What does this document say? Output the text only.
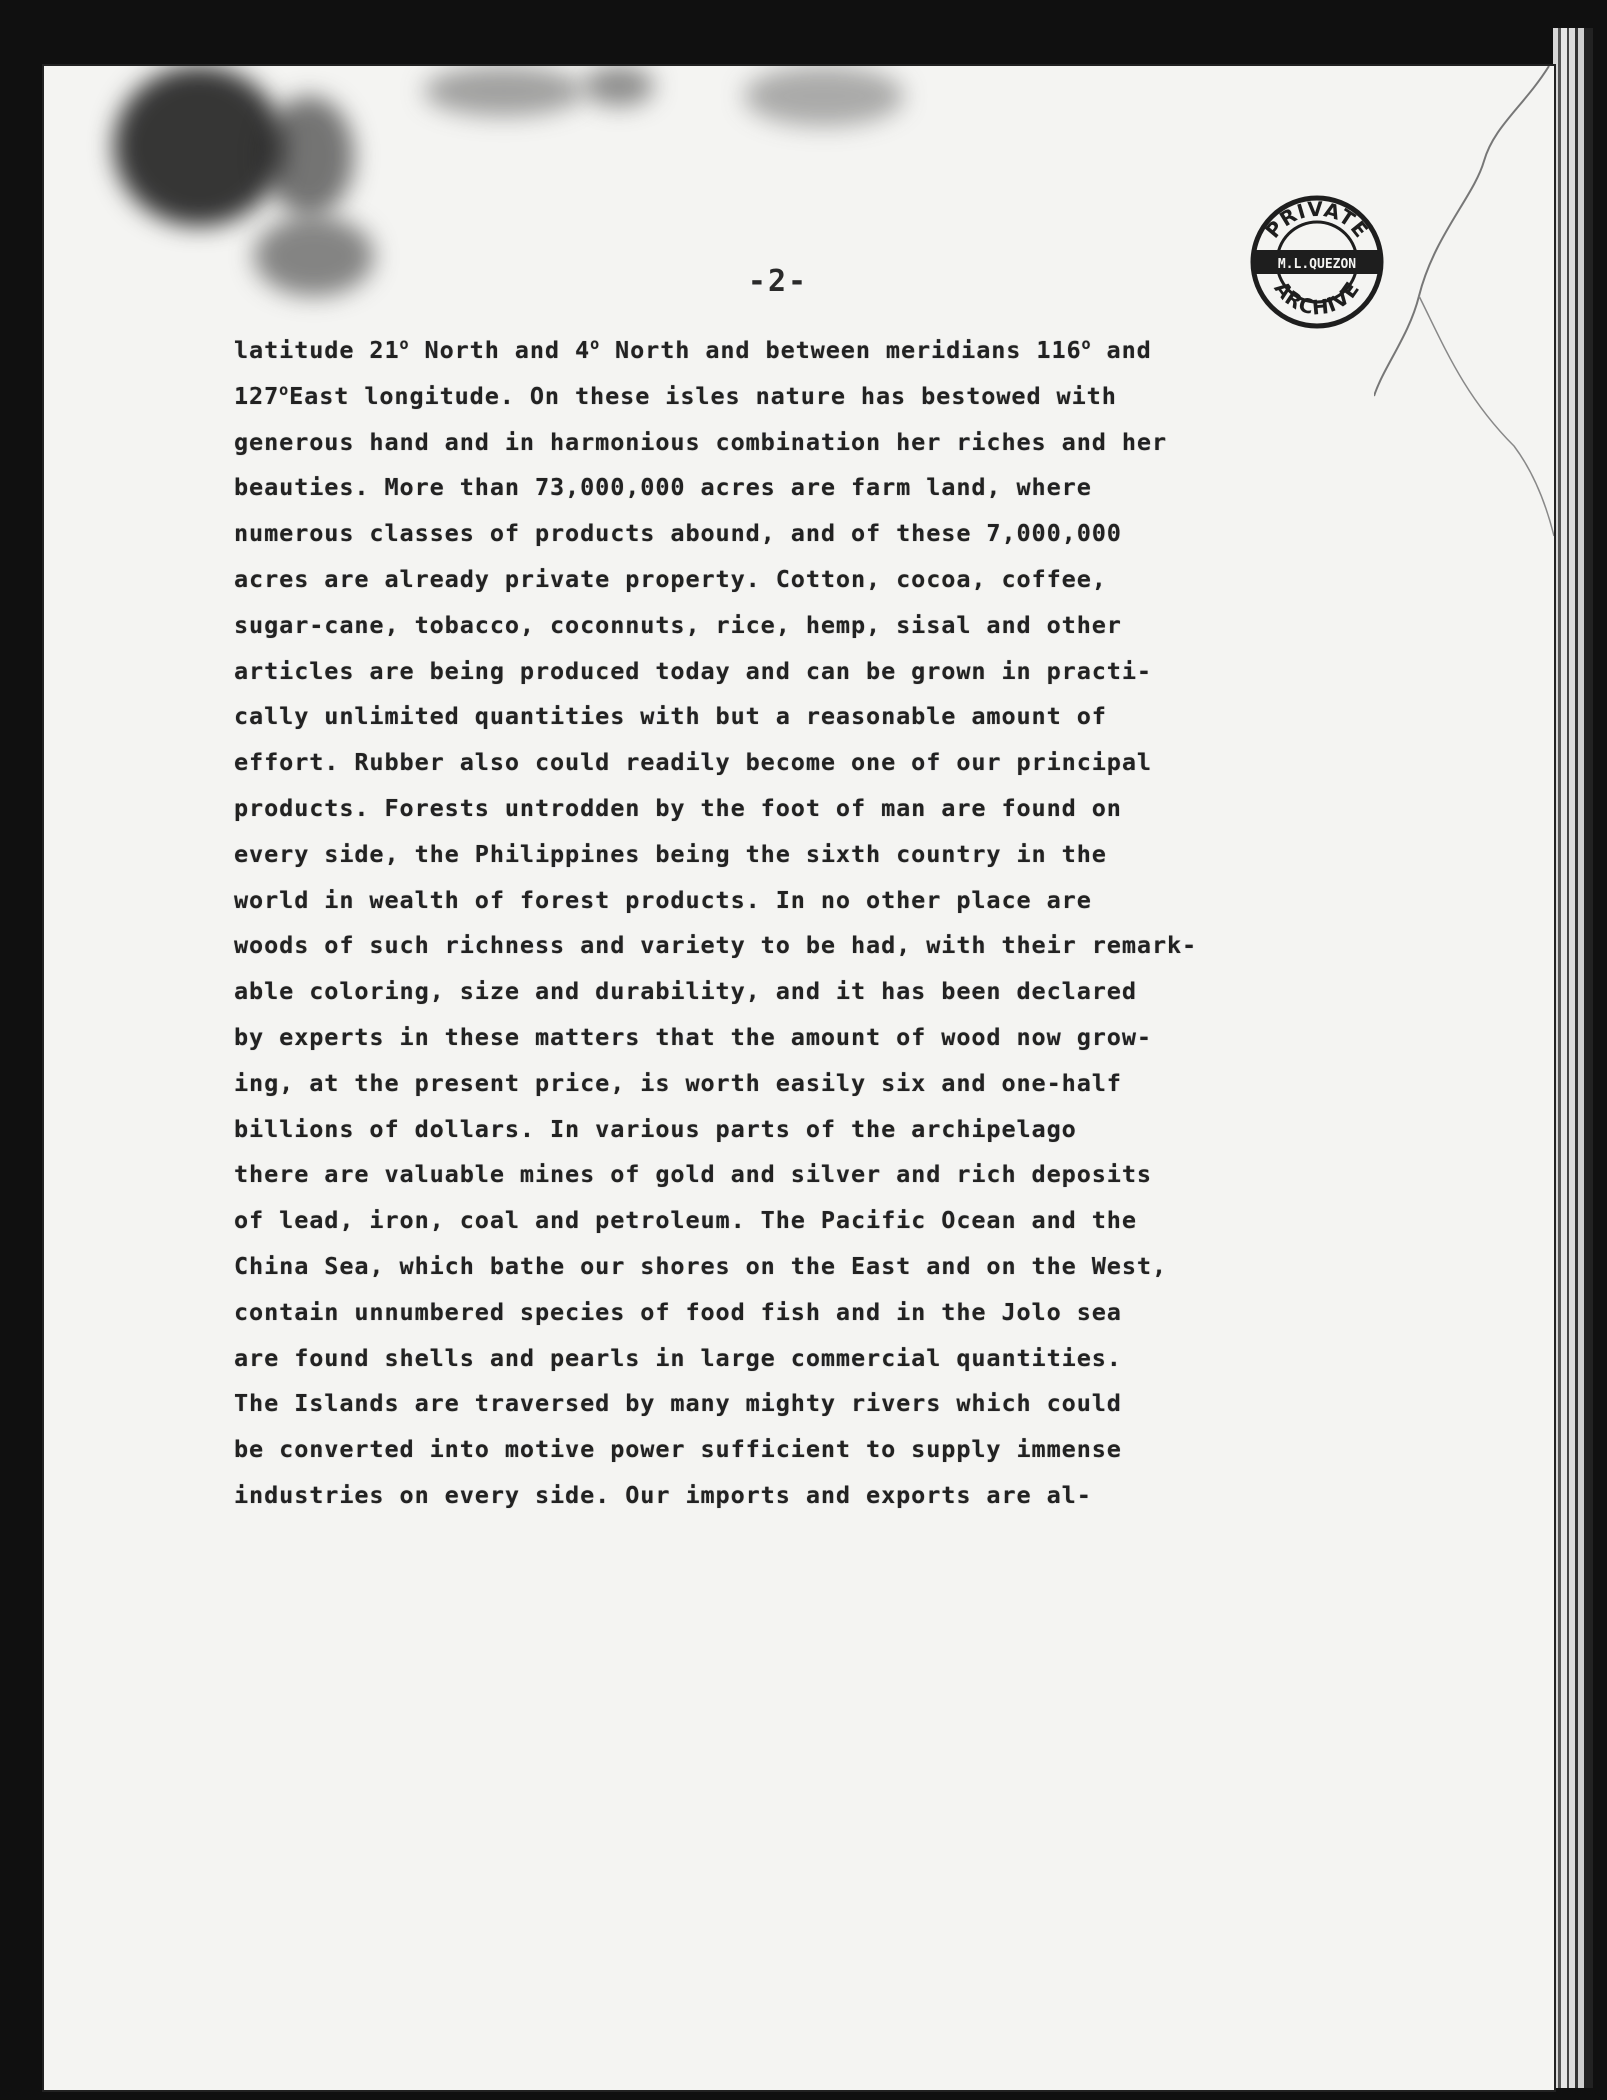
PRIVATE
M.L.QUEZON
ARCHIVE
-2-
latitude 21$^o$ North and 4$^o$ North and between meridians 116$^o$ and
127$^o$East longitude. On these isles nature has bestowed with
generous hand and in harmonious combination her riches and her
beauties. More than 73,000,000 acres are farm land, where
numerous classes of products abound, and of these 7,000,000
acres are already private property. Cotton, cocoa, coffee,
sugar-cane, tobacco, coconnuts, rice, hemp, sisal and other
articles are being produced today and can be grown in practi-
cally unlimited quantities with but a reasonable amount of
effort. Rubber also could readily become one of our principal
products. Forests untrodden by the foot of man are found on
every side, the Philippines being the sixth country in the
world in wealth of forest products. In no other place are
woods of such richness and variety to be had, with their remark-
able coloring, size and durability, and it has been declared
by experts in these matters that the amount of wood now grow-
ing, at the present price, is worth easily six and one-half
billions of dollars. In various parts of the archipelago
there are valuable mines of gold and silver and rich deposits
of lead, iron, coal and petroleum. The Pacific Ocean and the
China Sea, which bathe our shores on the East and on the West,
contain unnumbered species of food fish and in the Jolo sea
are found shells and pearls in large commercial quantities.
The Islands are traversed by many mighty rivers which could
be converted into motive power sufficient to supply immense
industries on every side. Our imports and exports are al-
